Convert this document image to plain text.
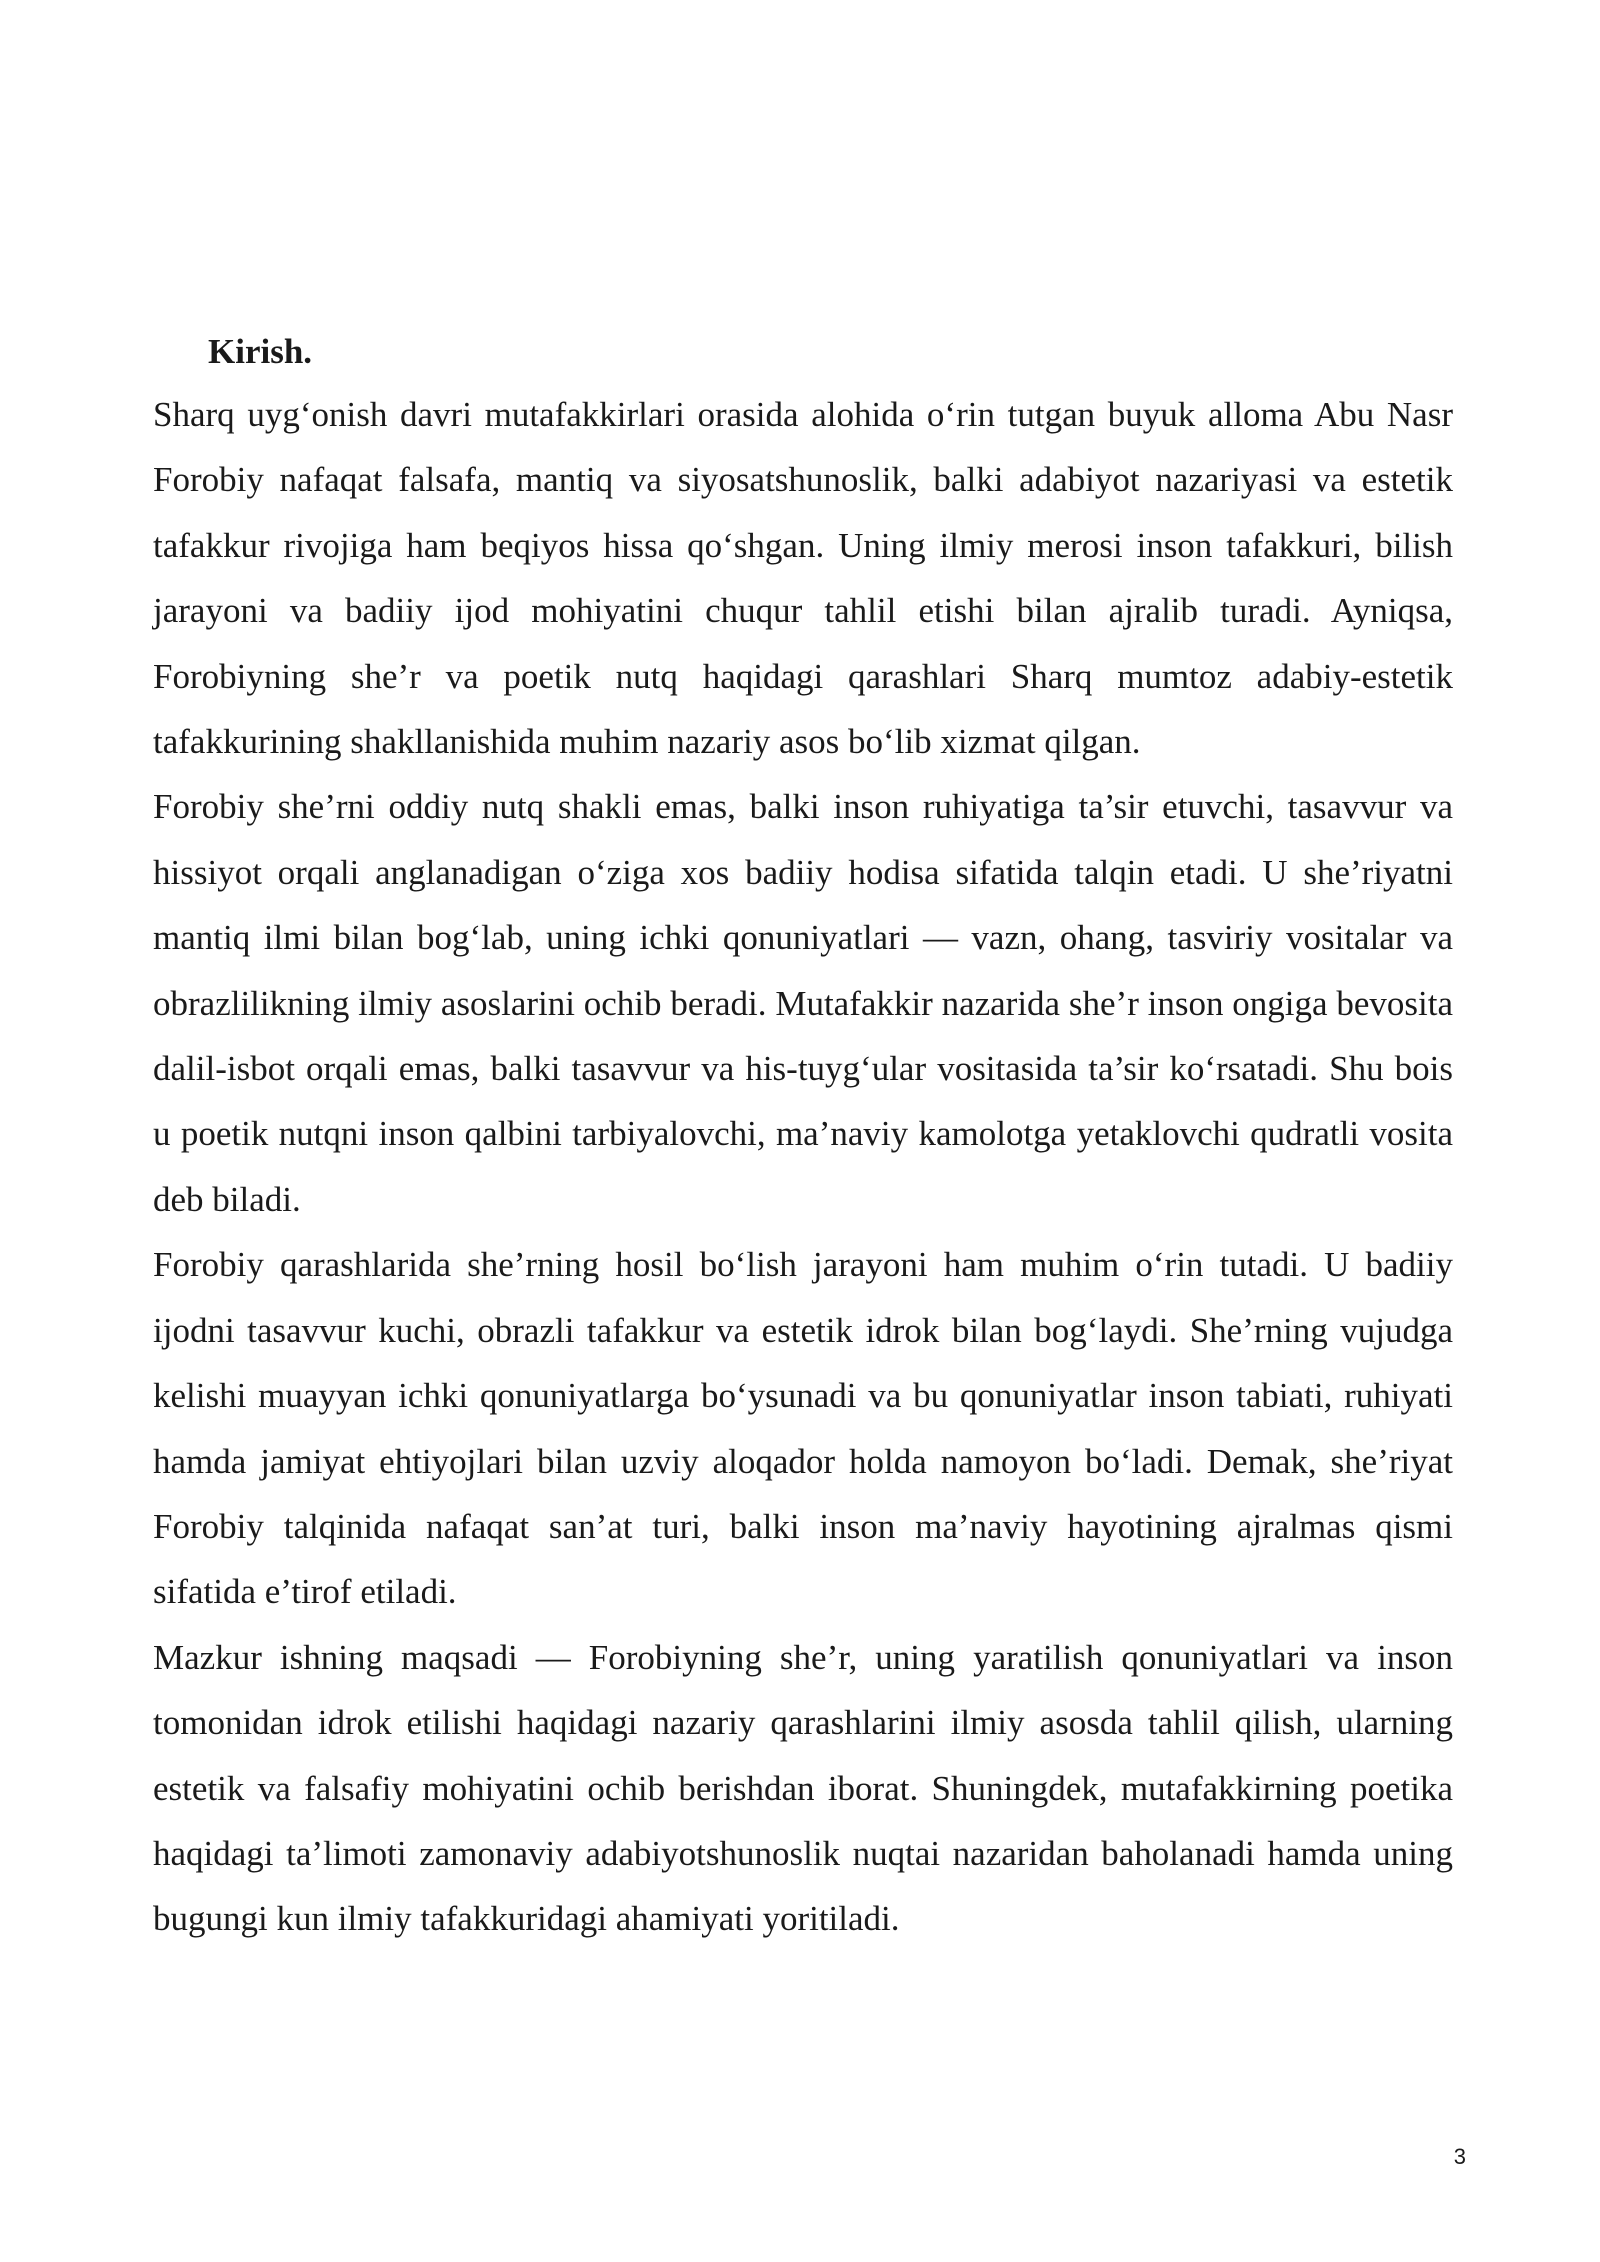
Kirish.

Sharq uyg‘onish davri mutafakkirlari orasida alohida o‘rin tutgan buyuk alloma Abu Nasr Forobiy nafaqat falsafa, mantiq va siyosatshunoslik, balki adabiyot nazariyasi va estetik tafakkur rivojiga ham beqiyos hissa qo‘shgan. Uning ilmiy merosi inson tafakkuri, bilish jarayoni va badiiy ijod mohiyatini chuqur tahlil etishi bilan ajralib turadi. Ayniqsa, Forobiyning she’r va poetik nutq haqidagi qarashlari Sharq mumtoz adabiy-estetik tafakkurining shakllanishida muhim nazariy asos bo‘lib xizmat qilgan.

Forobiy she’rni oddiy nutq shakli emas, balki inson ruhiyatiga ta’sir etuvchi, tasavvur va hissiyot orqali anglanadigan o‘ziga xos badiiy hodisa sifatida talqin etadi. U she’riyatni mantiq ilmi bilan bog‘lab, uning ichki qonuniyatlari — vazn, ohang, tasviriy vositalar va obrazlilikning ilmiy asoslarini ochib beradi. Mutafakkir nazarida she’r inson ongiga bevosita dalil-isbot orqali emas, balki tasavvur va his-tuyg‘ular vositasida ta’sir ko‘rsatadi. Shu bois u poetik nutqni inson qalbini tarbiyalovchi, ma’naviy kamolotga yetaklovchi qudratli vosita deb biladi.

Forobiy qarashlarida she’rning hosil bo‘lish jarayoni ham muhim o‘rin tutadi. U badiiy ijodni tasavvur kuchi, obrazli tafakkur va estetik idrok bilan bog‘laydi. She’rning vujudga kelishi muayyan ichki qonuniyatlarga bo‘ysunadi va bu qonuniyatlar inson tabiati, ruhiyati hamda jamiyat ehtiyojlari bilan uzviy aloqador holda namoyon bo‘ladi. Demak, she’riyat Forobiy talqinida nafaqat san’at turi, balki inson ma’naviy hayotining ajralmas qismi sifatida e’tirof etiladi.

Mazkur ishning maqsadi — Forobiyning she’r, uning yaratilish qonuniyatlari va inson tomonidan idrok etilishi haqidagi nazariy qarashlarini ilmiy asosda tahlil qilish, ularning estetik va falsafiy mohiyatini ochib berishdan iborat. Shuningdek, mutafakkirning poetika haqidagi ta’limoti zamonaviy adabiyotshunoslik nuqtai nazaridan baholanadi hamda uning bugungi kun ilmiy tafakkuridagi ahamiyati yoritiladi.

3
